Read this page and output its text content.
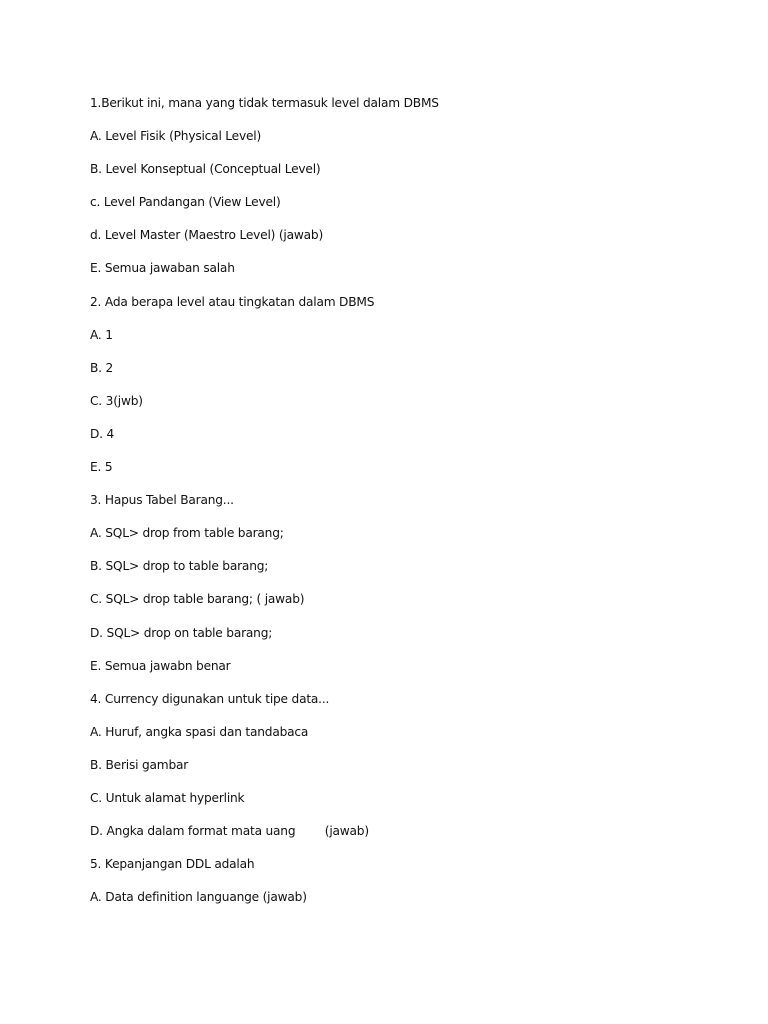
1.Berikut ini, mana yang tidak termasuk level dalam DBMS
A. Level Fisik (Physical Level)
B. Level Konseptual (Conceptual Level)
c. Level Pandangan (View Level)
d. Level Master (Maestro Level) (jawab)
E. Semua jawaban salah
2. Ada berapa level atau tingkatan dalam DBMS
A. 1
B. 2
C. 3(jwb)
D. 4
E. 5
3. Hapus Tabel Barang...
A. SQL> drop from table barang;
B. SQL> drop to table barang;
C. SQL> drop table barang; ( jawab)
D. SQL> drop on table barang;
E. Semua jawabn benar
4. Currency digunakan untuk tipe data...
A. Huruf, angka spasi dan tandabaca
B. Berisi gambar
C. Untuk alamat hyperlink
D. Angka dalam format mata uang        (jawab)
5. Kepanjangan DDL adalah
A. Data definition languange (jawab)
